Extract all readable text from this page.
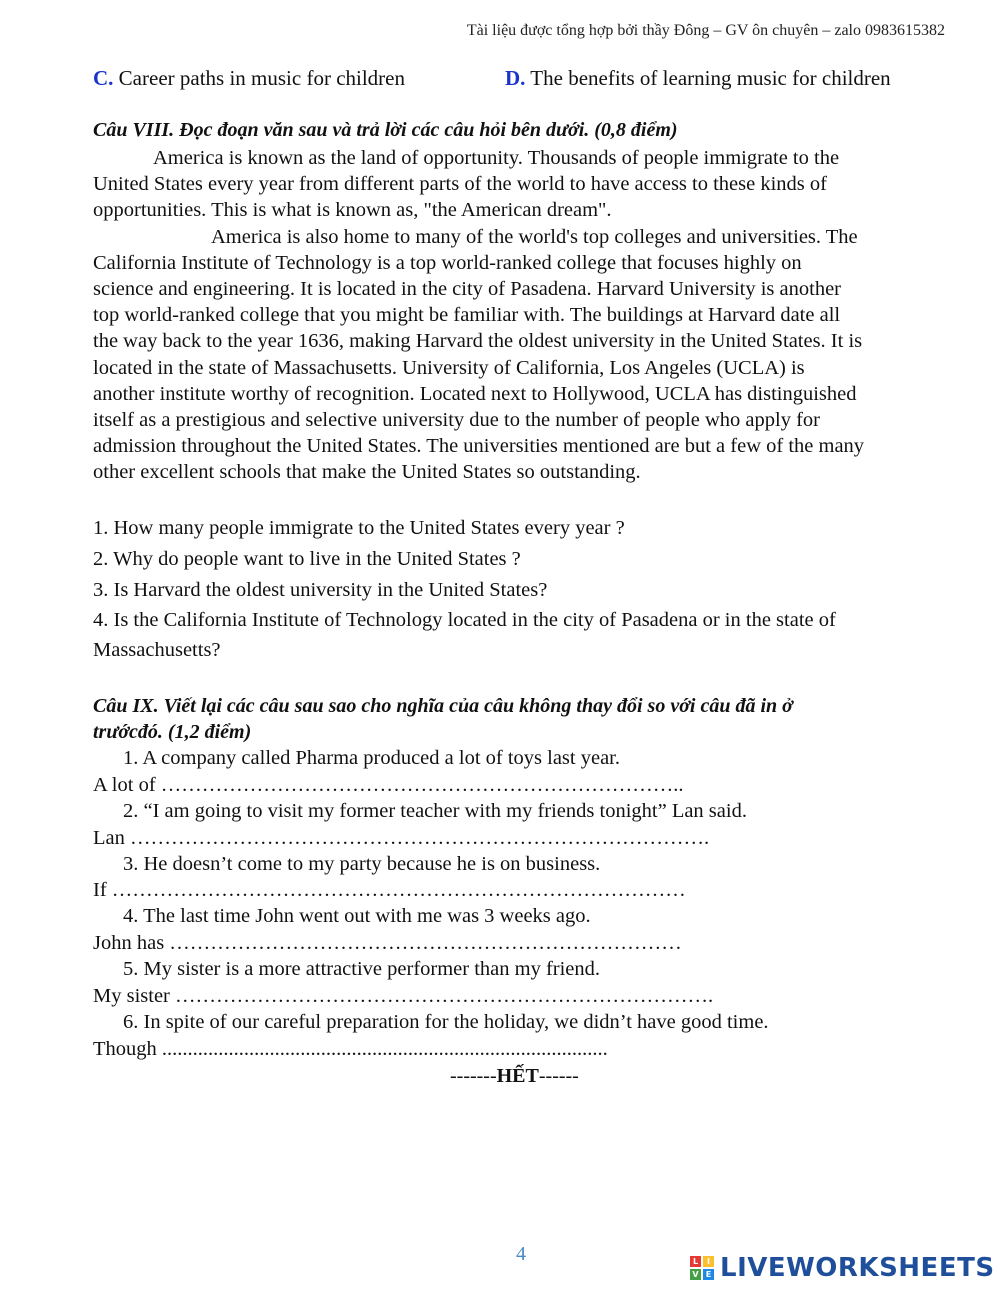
Tài liệu được tổng hợp bởi thầy Đông – GV ôn chuyên – zalo 0983615382
C. Career paths in music for children	D. The benefits of learning music for children
Câu VIII. Đọc đoạn văn sau và trả lời các câu hỏi bên dưới. (0,8 điểm)
America is known as the land of opportunity. Thousands of people immigrate to the
United States every year from different parts of the world to have access to these kinds of
opportunities. This is what is known as, "the American dream".
America is also home to many of the world's top colleges and universities. The
California Institute of Technology is a top world-ranked college that focuses highly on
science and engineering. It is located in the city of Pasadena. Harvard University is another
top world-ranked college that you might be familiar with. The buildings at Harvard date all
the way back to the year 1636, making Harvard the oldest university in the United States. It is
located in the state of Massachusetts. University of California, Los Angeles (UCLA) is
another institute worthy of recognition. Located next to Hollywood, UCLA has distinguished
itself as a prestigious and selective university due to the number of people who apply for
admission throughout the United States. The universities mentioned are but a few of the many
other excellent schools that make the United States so outstanding.
1. How many people immigrate to the United States every year ?
2. Why do people want to live in the United States ?
3. Is Harvard the oldest university in the United States?
4. Is the California Institute of Technology located in the city of Pasadena or in the state of
Massachusetts?
Câu IX. Viết lại các câu sau sao cho nghĩa của câu không thay đổi so với câu đã in ở
trướcđó. (1,2 điểm)
1. A company called Pharma produced a lot of toys last year.
A lot of …………………………………………………………………..
2. “I am going to visit my former teacher with my friends tonight” Lan said.
Lan ………………………………………………………………………….
3. He doesn’t come to my party because he is on business.
If …………………………………………………………………………
4. The last time John went out with me was 3 weeks ago.
John has …………………………………………………………………
5. My sister is a more attractive performer than my friend.
My sister …………………………………………………………………….
6. In spite of our careful preparation for the holiday, we didn’t have good time.
Though .......................................................................................
-------HẾT------
4	L	I
V E LIVEWORKSHEETS
